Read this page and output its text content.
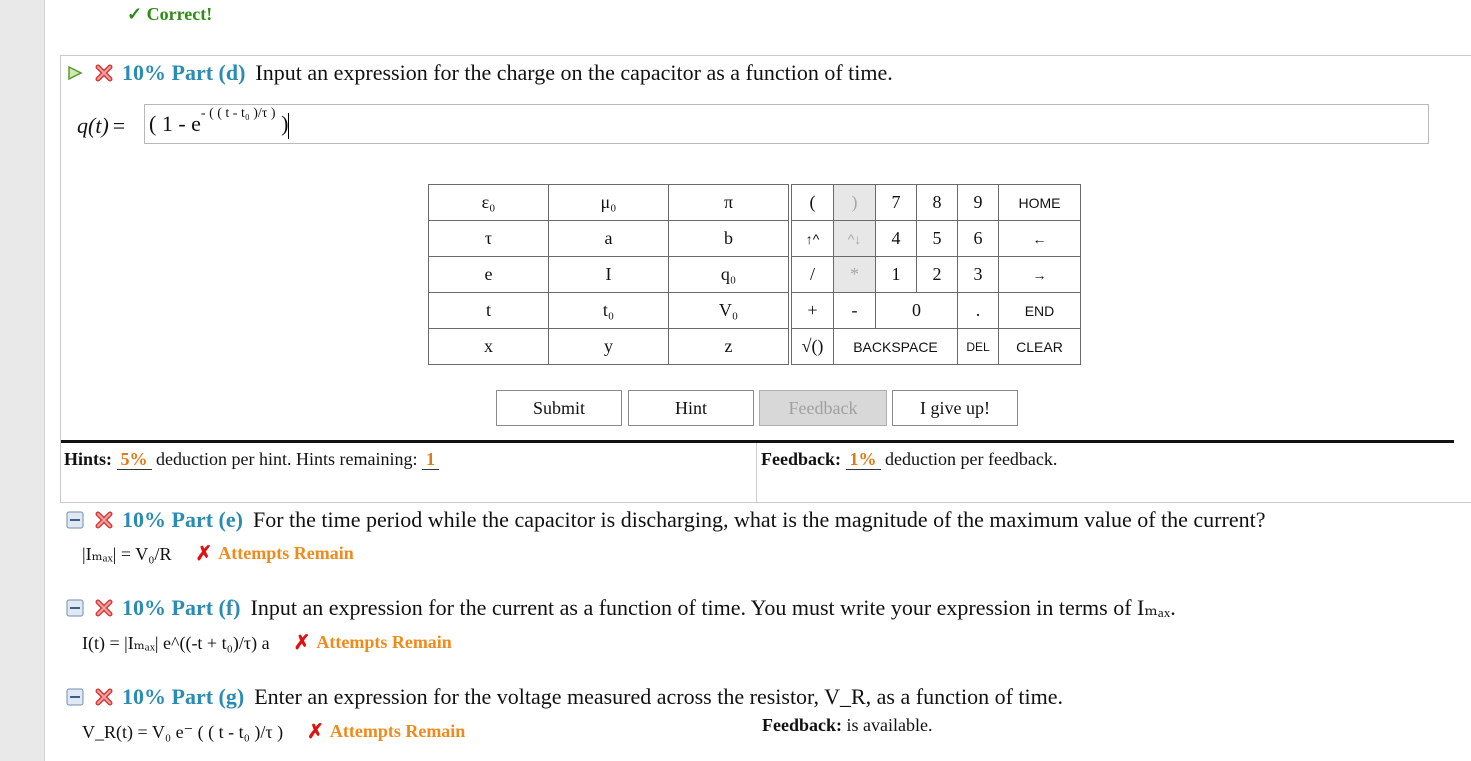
✓ Correct!
10% Part (d) Input an expression for the charge on the capacitor as a function of time.
q(t) = ( $1 - e^{- ( ( t - t_0 )/\tau )}$ )
ε₀	μ₀	π
τ	a	b
e	I	q₀
t	t₀	V₀
x	y	z
(	)	7	8	9	HOME
↑^	^↓	4	5	6	←
/	*	1	2	3	→
+	-	0		.	END
√()	BACKSPACE			DEL	CLEAR
Submit	Hint	Feedback	I give up!
Hints: 5% deduction per hint. Hints remaining: 1	Feedback: 1% deduction per feedback.
10% Part (e) For the time period while the capacitor is discharging, what is the magnitude of the maximum value of the current?
|Iₘₐₓ| = V₀/R ✗ Attempts Remain
10% Part (f) Input an expression for the current as a function of time. You must write your expression in terms of Iₘₐₓ.
I(t) = |Iₘₐₓ| e^((-t + t₀)/τ) a ✗ Attempts Remain
10% Part (g) Enter an expression for the voltage measured across the resistor, V_R, as a function of time.
V_R(t) = V₀ e⁻ ( ( t - t₀ )/τ ) ✗ Attempts Remain	Feedback: is available.
